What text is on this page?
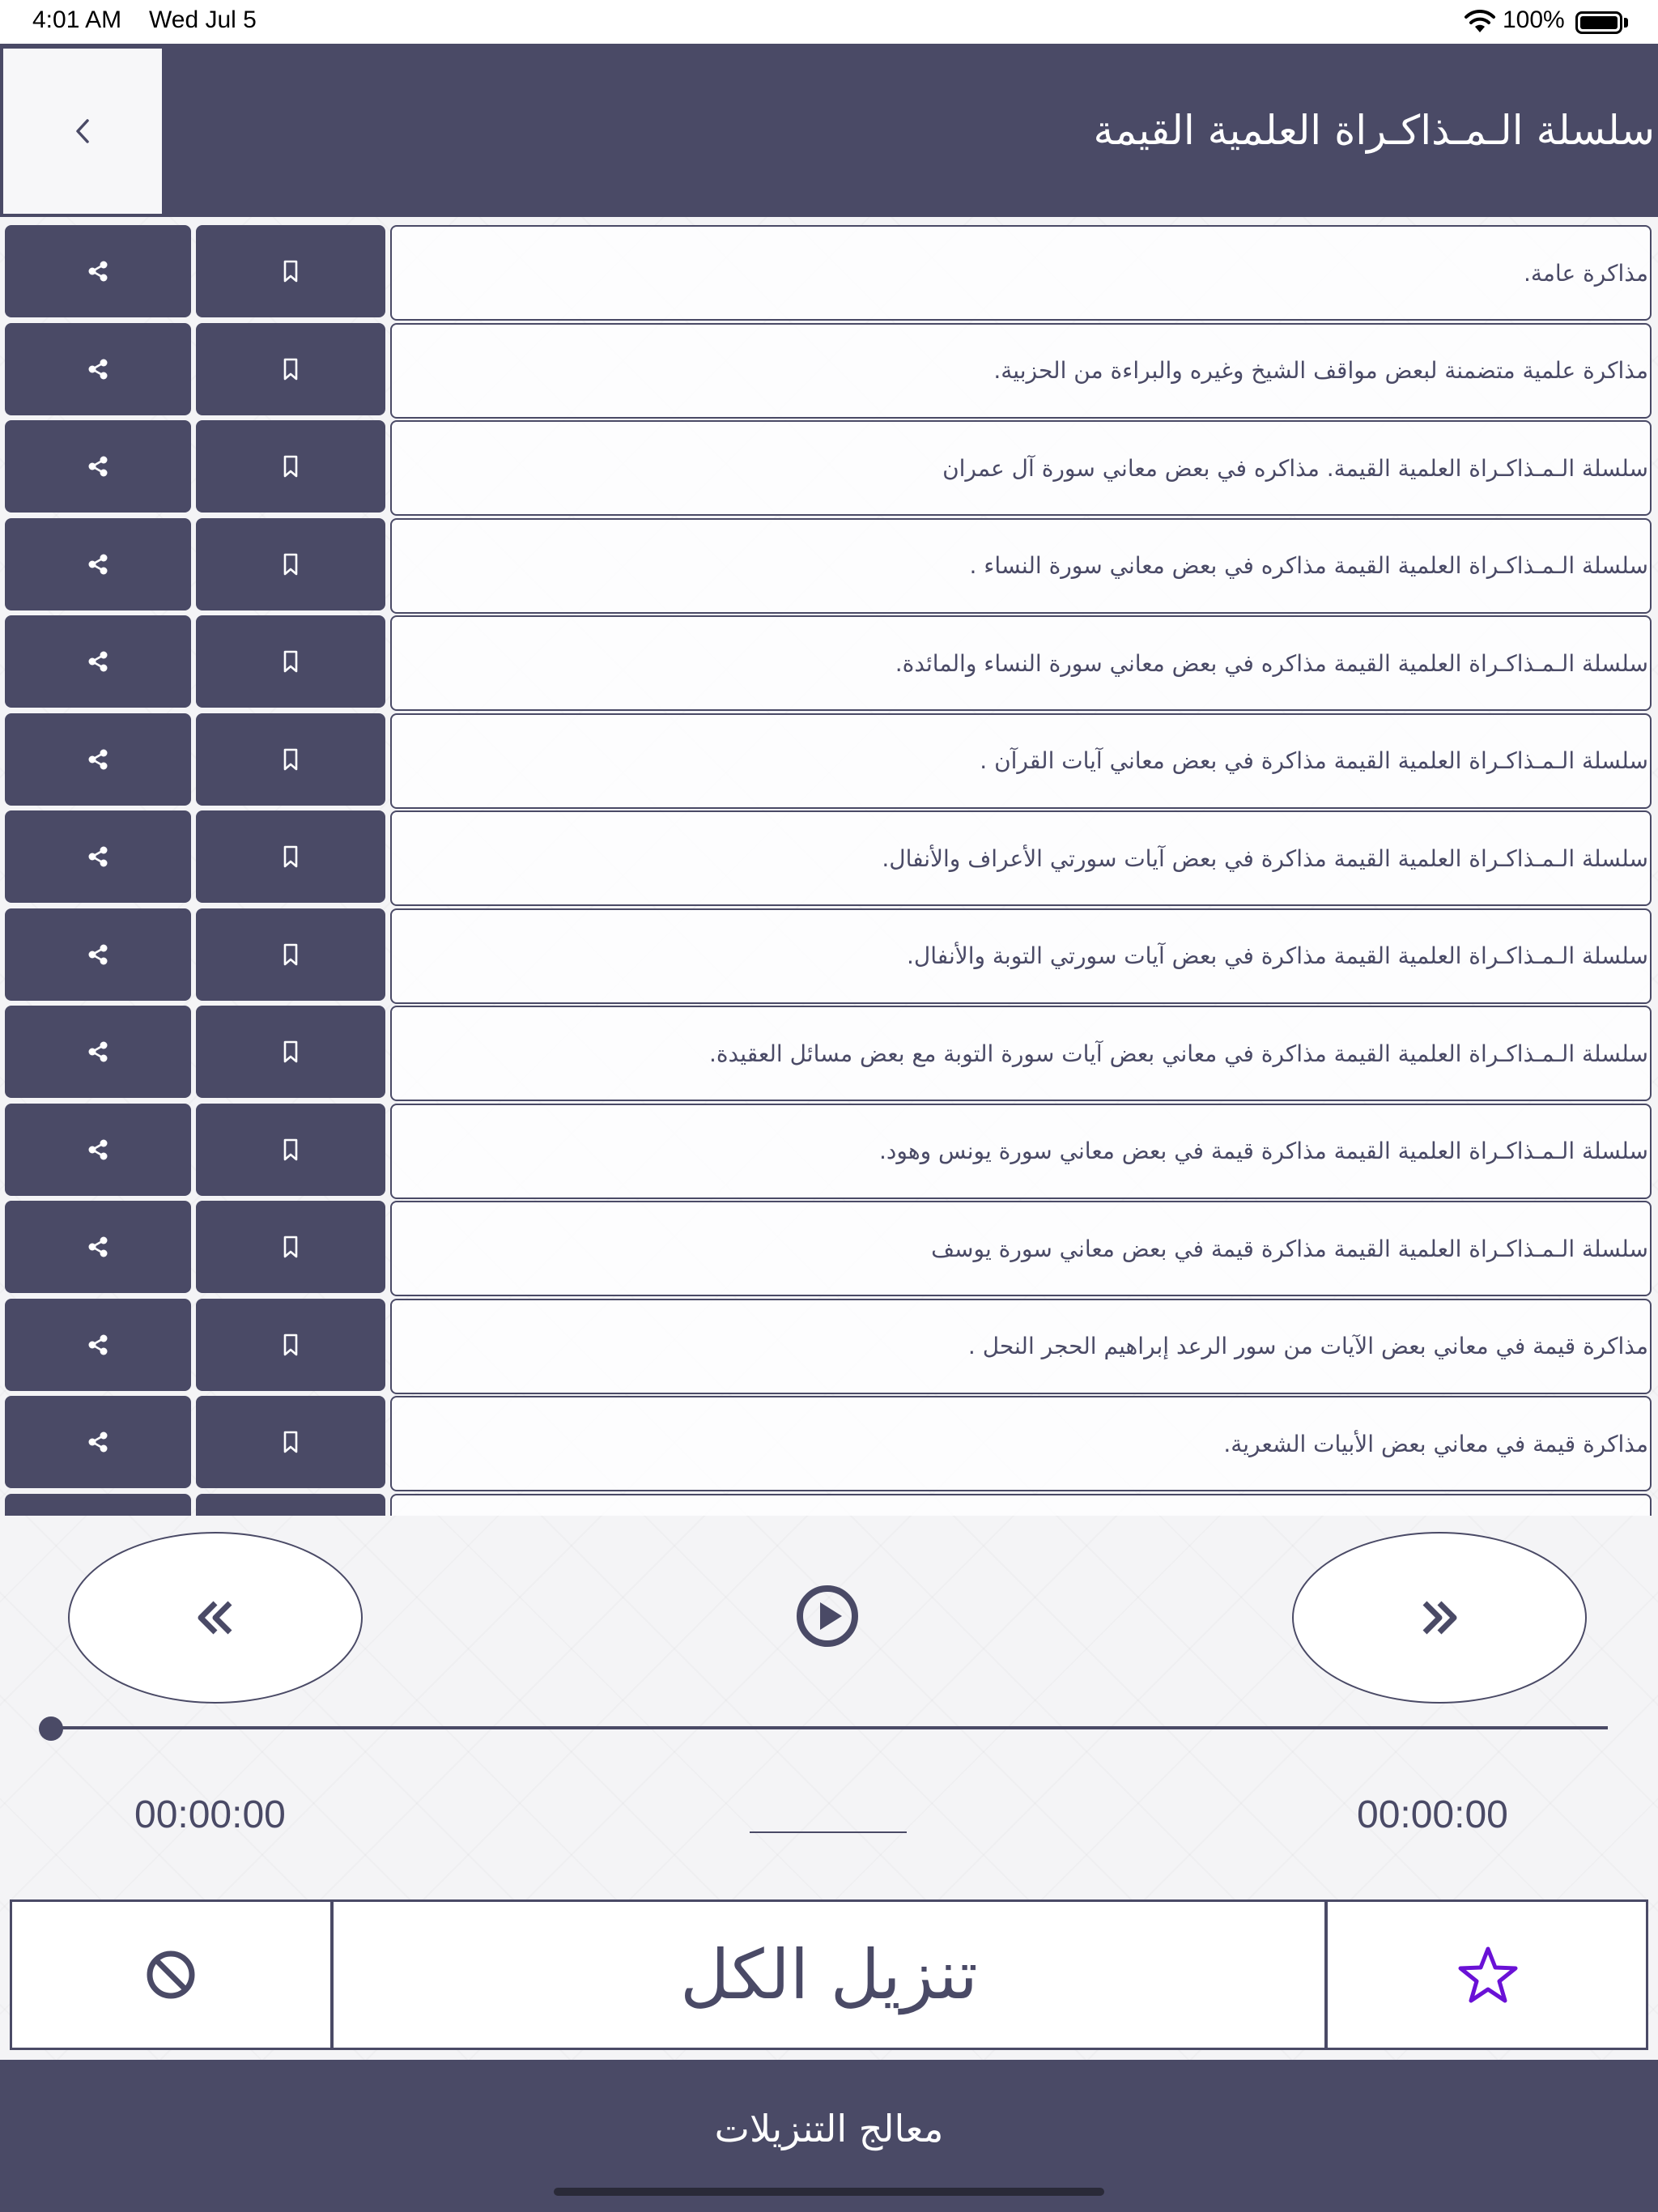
4:01 AM Wed Jul 5	100%
سلسلة الـمـذاكـراة العلمية القيمة
مذاكرة عامة.
مذاكرة علمية متضمنة لبعض مواقف الشيخ وغيره والبراءة من الحزبية.
سلسلة الـمـذاكـراة العلمية القيمة. مذاكره في بعض معاني سورة آل عمران
سلسلة الـمـذاكـراة العلمية القيمة مذاكره في بعض معاني سورة النساء .
سلسلة الـمـذاكـراة العلمية القيمة مذاكره في بعض معاني سورة النساء والمائدة.
سلسلة الـمـذاكـراة العلمية القيمة مذاكرة في بعض معاني آيات القرآن .
سلسلة الـمـذاكـراة العلمية القيمة مذاكرة في بعض آيات سورتي الأعراف والأنفال.
سلسلة الـمـذاكـراة العلمية القيمة مذاكرة في بعض آيات سورتي التوبة والأنفال.
سلسلة الـمـذاكـراة العلمية القيمة مذاكرة في معاني بعض آيات سورة التوبة مع بعض مسائل العقيدة.
سلسلة الـمـذاكـراة العلمية القيمة مذاكرة قيمة في بعض معاني سورة يونس وهود.
سلسلة الـمـذاكـراة العلمية القيمة مذاكرة قيمة في بعض معاني سورة يوسف
مذاكرة قيمة في معاني بعض الآيات من سور الرعد إبراهيم الحجر النحل .
مذاكرة قيمة في معاني بعض الأبيات الشعرية.
00:00:00	00:00:00
تنزيل الكل
معالج التنزيلات
